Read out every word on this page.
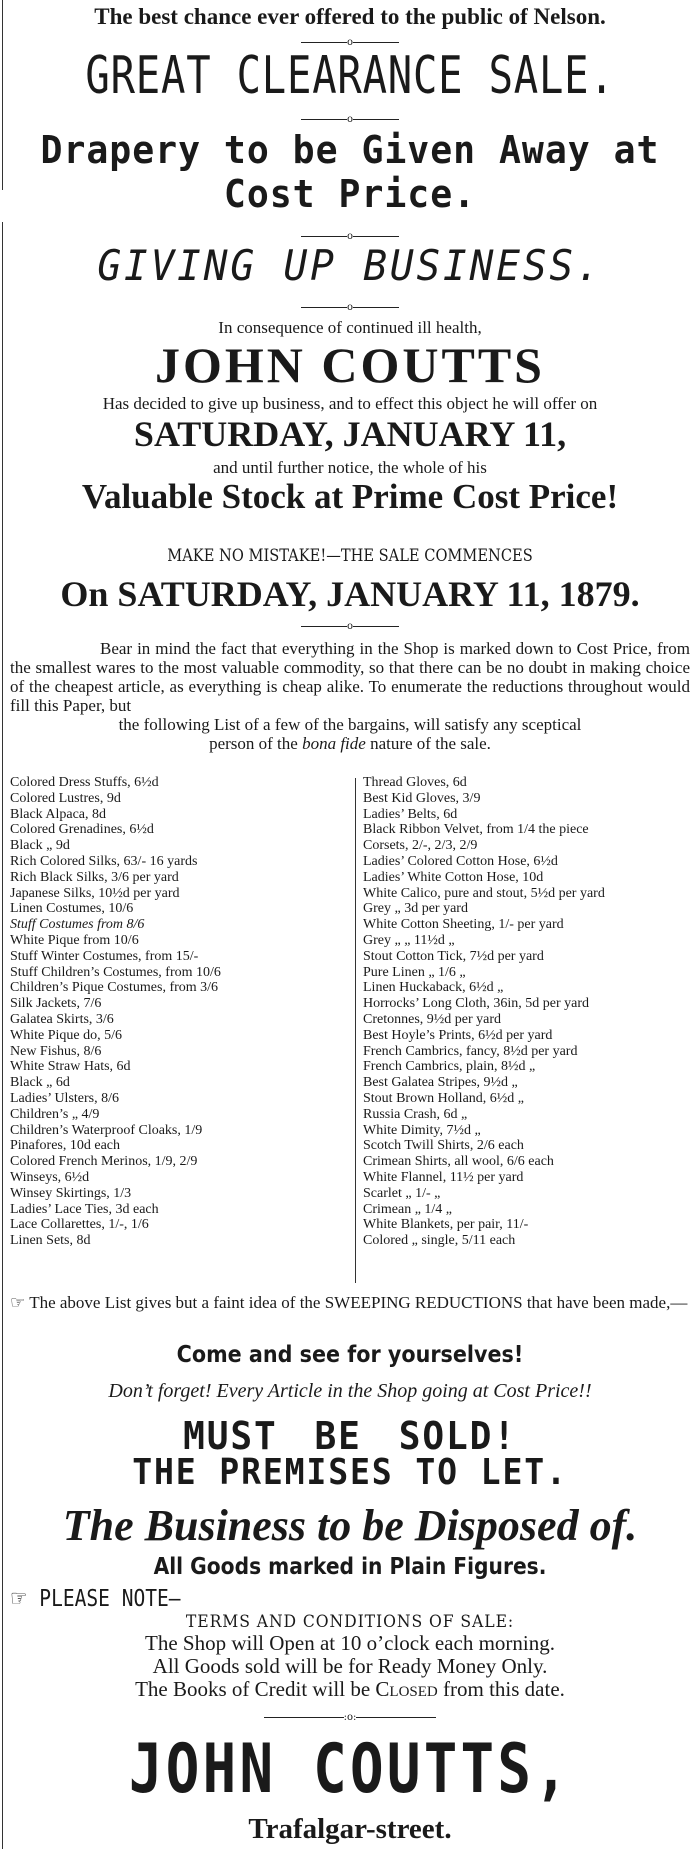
The best chance ever offered to the public of Nelson.
o
GREAT CLEARANCE SALE.
o
Drapery to be Given Away at
Cost Price.
o
GIVING UP BUSINESS.
o
In consequence of continued ill health,
JOHN COUTTS
Has decided to give up business, and to effect this object he will offer on
SATURDAY, JANUARY 11,
and until further notice, the whole of his
Valuable Stock at Prime Cost Price!
MAKE NO MISTAKE!—THE SALE COMMENCES
On SATURDAY, JANUARY 11, 1879.
o

Bear in mind the fact that everything in the Shop is marked down to Cost Price, from the smallest wares to the most valuable commodity, so that there can be no doubt in making choice of the cheapest article, as everything is cheap alike. To enumerate the reductions throughout would fill this Paper, but

the following List of a few of the bargains, will satisfy any sceptical

person of the bona fide nature of the sale.

Colored Dress Stuffs, 6½d
Colored Lustres, 9d
Black Alpaca, 8d
Colored Grenadines, 6½d
Black „ 9d
Rich Colored Silks, 63/- 16 yards
Rich Black Silks, 3/6 per yard
Japanese Silks, 10½d per yard
Linen Costumes, 10/6
Stuff Costumes from 8/6
White Pique from 10/6
Stuff Winter Costumes, from 15/-
Stuff Children’s Costumes, from 10/6
Children’s Pique Costumes, from 3/6
Silk Jackets, 7/6
Galatea Skirts, 3/6
White Pique do, 5/6
New Fishus, 8/6
White Straw Hats, 6d
Black „ 6d
Ladies’ Ulsters, 8/6
Children’s „ 4/9
Children’s Waterproof Cloaks, 1/9
Pinafores, 10d each
Colored French Merinos, 1/9, 2/9
Winseys, 6½d
Winsey Skirtings, 1/3
Ladies’ Lace Ties, 3d each
Lace Collarettes, 1/-, 1/6
Linen Sets, 8d
Thread Gloves, 6d
Best Kid Gloves, 3/9
Ladies’ Belts, 6d
Black Ribbon Velvet, from 1/4 the piece
Corsets, 2/-, 2/3, 2/9
Ladies’ Colored Cotton Hose, 6½d
Ladies’ White Cotton Hose, 10d
White Calico, pure and stout, 5½d per yard
Grey „ 3d per yard
White Cotton Sheeting, 1/- per yard
Grey „ „ 11½d „
Stout Cotton Tick, 7½d per yard
Pure Linen „ 1/6 „
Linen Huckaback, 6½d „
Horrocks’ Long Cloth, 36in, 5d per yard
Cretonnes, 9½d per yard
Best Hoyle’s Prints, 6½d per yard
French Cambrics, fancy, 8½d per yard
French Cambrics, plain, 8½d „
Best Galatea Stripes, 9½d „
Stout Brown Holland, 6½d „
Russia Crash, 6d „
White Dimity, 7½d „
Scotch Twill Shirts, 2/6 each
Crimean Shirts, all wool, 6/6 each
White Flannel, 11½ per yard
Scarlet „ 1/- „
Crimean „ 1/4 „
White Blankets, per pair, 11/-
Colored „ single, 5/11 each
☞ The above List gives but a faint idea of the SWEEPING REDUCTIONS that have been made,—
Come and see for yourselves!
Don’t forget! Every Article in the Shop going at Cost Price!!
MUST BE SOLD!
THE PREMISES TO LET.
The Business to be Disposed of.
All Goods marked in Plain Figures.
☞ PLEASE NOTE—
TERMS AND CONDITIONS OF SALE:
The Shop will Open at 10 o’clock each morning.
All Goods sold will be for Ready Money Only.
The Books of Credit will be Closed from this date.
:o:
JOHN COUTTS,
Trafalgar-street.
